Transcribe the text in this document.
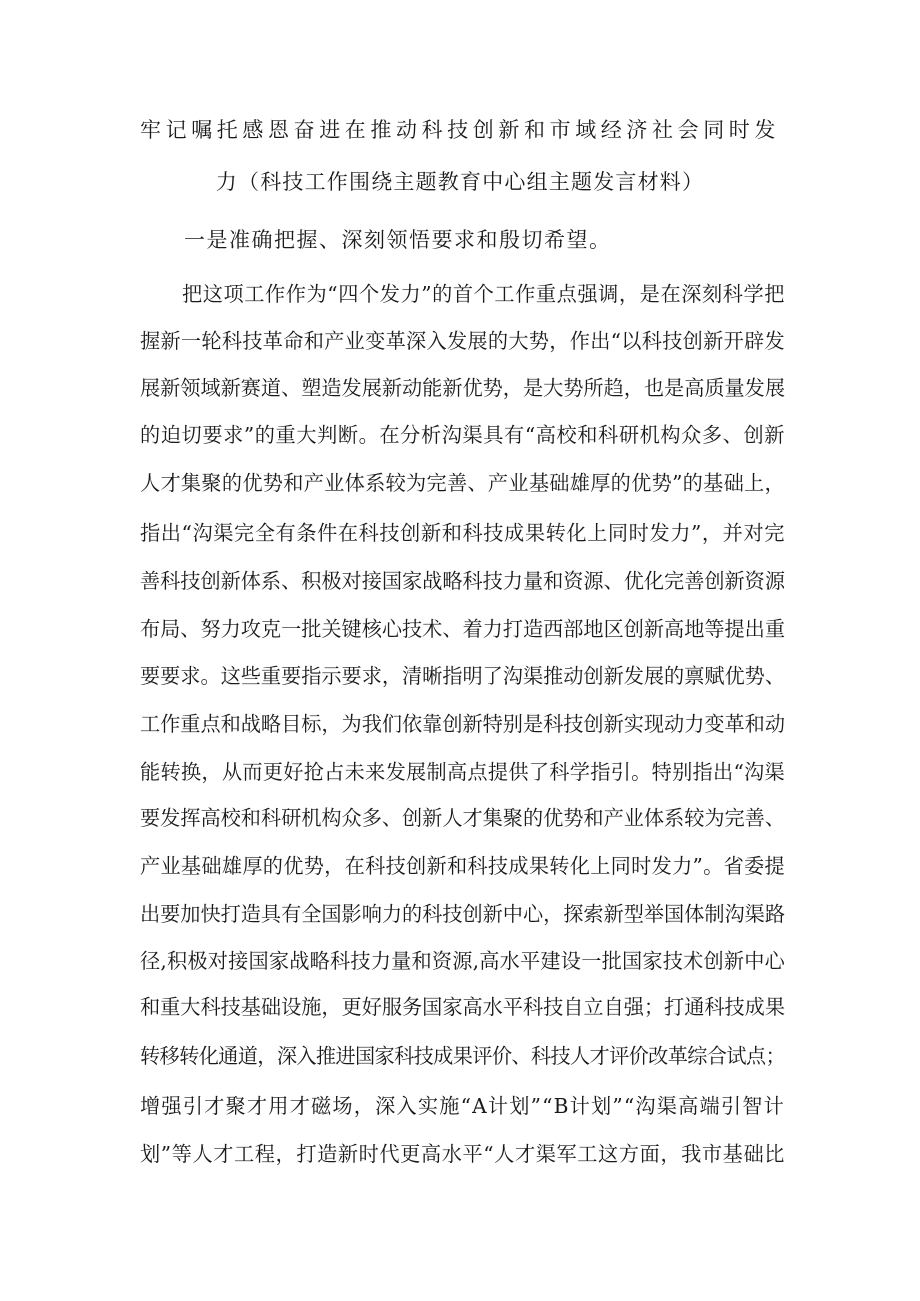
牢记嘱托感恩奋进在推动科技创新和市域经济社会同时发
力（科技工作围绕主题教育中心组主题发言材料）
一是准确把握、深刻领悟要求和殷切希望。
把这项工作作为“四个发力”的首个工作重点强调，是在深刻科学把
握新一轮科技革命和产业变革深入发展的大势，作出“以科技创新开辟发
展新领域新赛道、塑造发展新动能新优势，是大势所趋，也是高质量发展
的迫切要求”的重大判断。在分析沟渠具有“高校和科研机构众多、创新
人才集聚的优势和产业体系较为完善、产业基础雄厚的优势”的基础上，
指出“沟渠完全有条件在科技创新和科技成果转化上同时发力”，并对完
善科技创新体系、积极对接国家战略科技力量和资源、优化完善创新资源
布局、努力攻克一批关键核心技术、着力打造西部地区创新高地等提出重
要要求。这些重要指示要求，清晰指明了沟渠推动创新发展的禀赋优势、
工作重点和战略目标，为我们依靠创新特别是科技创新实现动力变革和动
能转换，从而更好抢占未来发展制高点提供了科学指引。特别指出“沟渠
要发挥高校和科研机构众多、创新人才集聚的优势和产业体系较为完善、
产业基础雄厚的优势，在科技创新和科技成果转化上同时发力”。省委提
出要加快打造具有全国影响力的科技创新中心，探索新型举国体制沟渠路
径,积极对接国家战略科技力量和资源,高水平建设一批国家技术创新中心
和重大科技基础设施，更好服务国家高水平科技自立自强；打通科技成果
转移转化通道，深入推进国家科技成果评价、科技人才评价改革综合试点；
增强引才聚才用才磁场，深入实施“A计划”“B计划”“沟渠高端引智计
划”等人才工程，打造新时代更高水平“人才渠军工这方面，我市基础比
